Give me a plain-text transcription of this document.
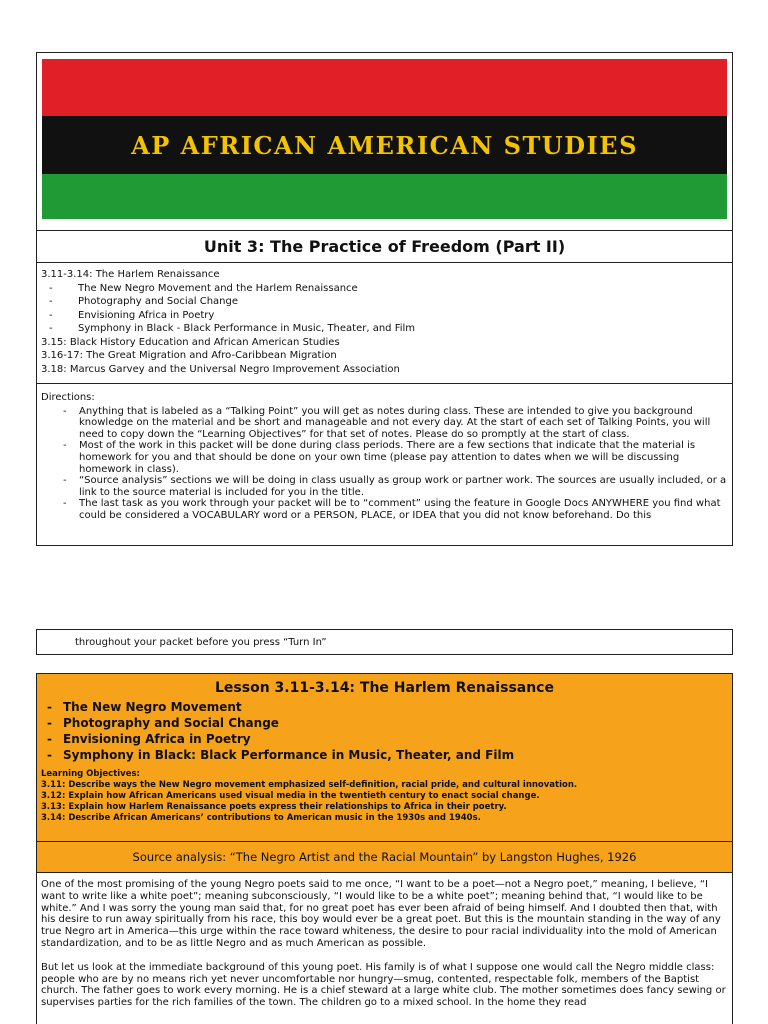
AP AFRICAN AMERICAN STUDIES
Unit 3: The Practice of Freedom (Part II)
3.11-3.14: The Harlem Renaissance
- The New Negro Movement and the Harlem Renaissance
- Photography and Social Change
- Envisioning Africa in Poetry
- Symphony in Black - Black Performance in Music, Theater, and Film
3.15: Black History Education and African American Studies
3.16-17: The Great Migration and Afro-Caribbean Migration
3.18: Marcus Garvey and the Universal Negro Improvement Association
Directions:
- Anything that is labeled as a “Talking Point” you will get as notes during class. These are intended to give you background knowledge on the material and be short and manageable and not every day. At the start of each set of Talking Points, you will need to copy down the “Learning Objectives” for that set of notes. Please do so promptly at the start of class.
- Most of the work in this packet will be done during class periods. There are a few sections that indicate that the material is homework for you and that should be done on your own time (please pay attention to dates when we will be discussing homework in class).
- “Source analysis” sections we will be doing in class usually as group work or partner work. The sources are usually included, or a link to the source material is included for you in the title.
- The last task as you work through your packet will be to “comment” using the feature in Google Docs ANYWHERE you find what could be considered a VOCABULARY word or a PERSON, PLACE, or IDEA that you did not know beforehand. Do this
throughout your packet before you press “Turn In”
Lesson 3.11-3.14: The Harlem Renaissance
- The New Negro Movement
- Photography and Social Change
- Envisioning Africa in Poetry
- Symphony in Black: Black Performance in Music, Theater, and Film
Learning Objectives:
3.11: Describe ways the New Negro movement emphasized self-definition, racial pride, and cultural innovation.
3.12: Explain how African Americans used visual media in the twentieth century to enact social change.
3.13: Explain how Harlem Renaissance poets express their relationships to Africa in their poetry.
3.14: Describe African Americans’ contributions to American music in the 1930s and 1940s.
Source analysis: “The Negro Artist and the Racial Mountain” by Langston Hughes, 1926

One of the most promising of the young Negro poets said to me once, “I want to be a poet—not a Negro poet,” meaning, I believe, “I want to write like a white poet”; meaning subconsciously, “I would like to be a white poet”; meaning behind that, “I would like to be white.” And I was sorry the young man said that, for no great poet has ever been afraid of being himself. And I doubted then that, with his desire to run away spiritually from his race, this boy would ever be a great poet. But this is the mountain standing in the way of any true Negro art in America—this urge within the race toward whiteness, the desire to pour racial individuality into the mold of American standardization, and to be as little Negro and as much American as possible.

But let us look at the immediate background of this young poet. His family is of what I suppose one would call the Negro middle class: people who are by no means rich yet never uncomfortable nor hungry—smug, contented, respectable folk, members of the Baptist church. The father goes to work every morning. He is a chief steward at a large white club. The mother sometimes does fancy sewing or supervises parties for the rich families of the town. The children go to a mixed school. In the home they read
